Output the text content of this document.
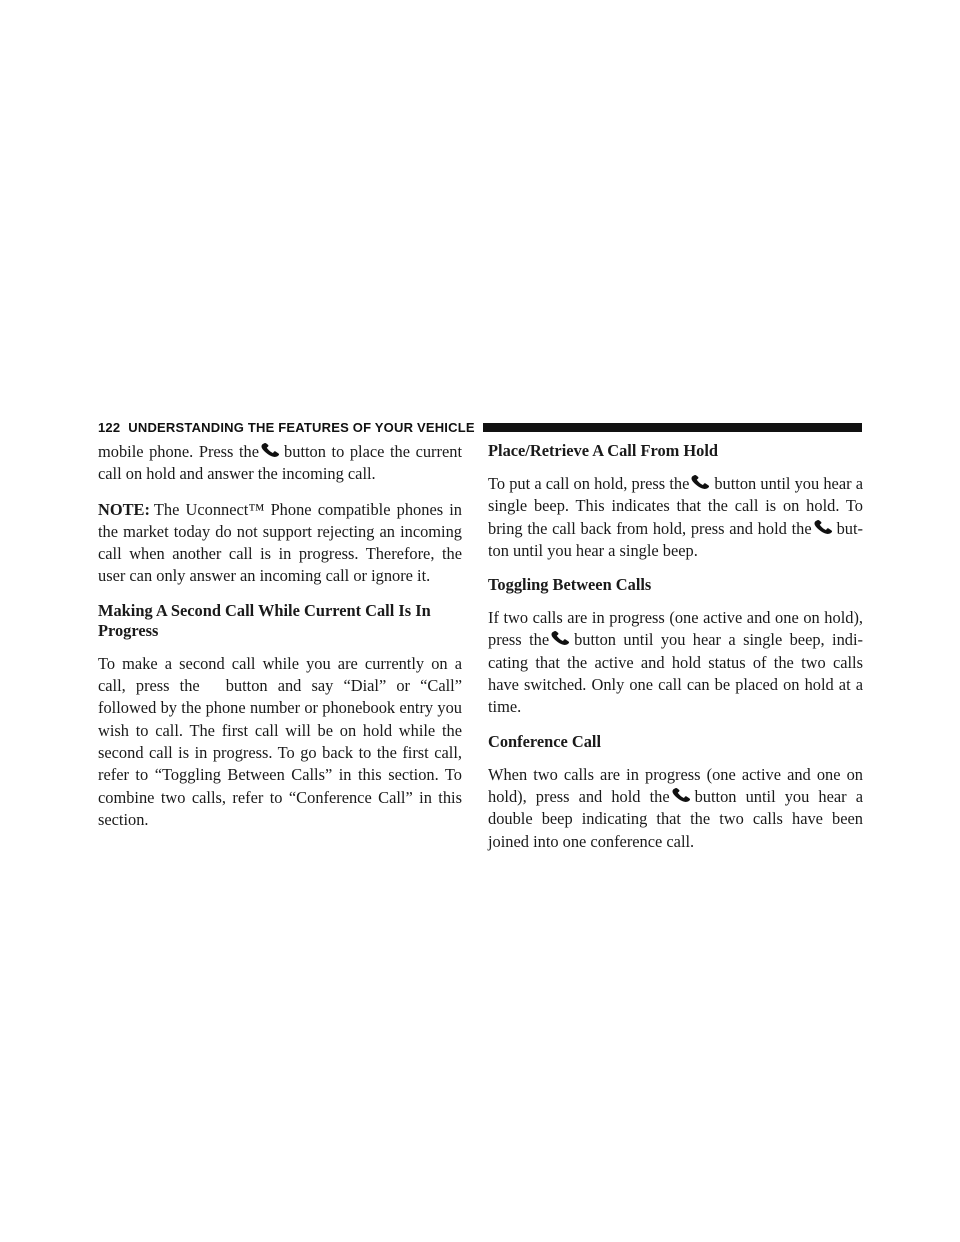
122 UNDERSTANDING THE FEATURES OF YOUR VEHICLE

mobile phone. Press the button to place the current call on hold and answer the incoming call.

NOTE: The Uconnect™ Phone compatible phones in the market today do not support rejecting an incoming call when another call is in progress. Therefore, the user can only answer an incoming call or ignore it.

Making A Second Call While Current Call Is In Progress

To make a second call while you are currently on a call, press the button and say “Dial” or “Call” followed by the phone number or phonebook entry you wish to call. The first call will be on hold while the second call is in progress. To go back to the first call, refer to “Toggling Between Calls” in this section. To combine two calls, refer to “Conference Call” in this section.

Place/Retrieve A Call From Hold

To put a call on hold, press the button until you hear a single beep. This indicates that the call is on hold. To bring the call back from hold, press and hold the but-ton until you hear a single beep.

Toggling Between Calls

If two calls are in progress (one active and one on hold), press the button until you hear a single beep, indi-cating that the active and hold status of the two calls have switched. Only one call can be placed on hold at a time.

Conference Call

When two calls are in progress (one active and one on hold), press and hold the button until you hear a double beep indicating that the two calls have been joined into one conference call.
